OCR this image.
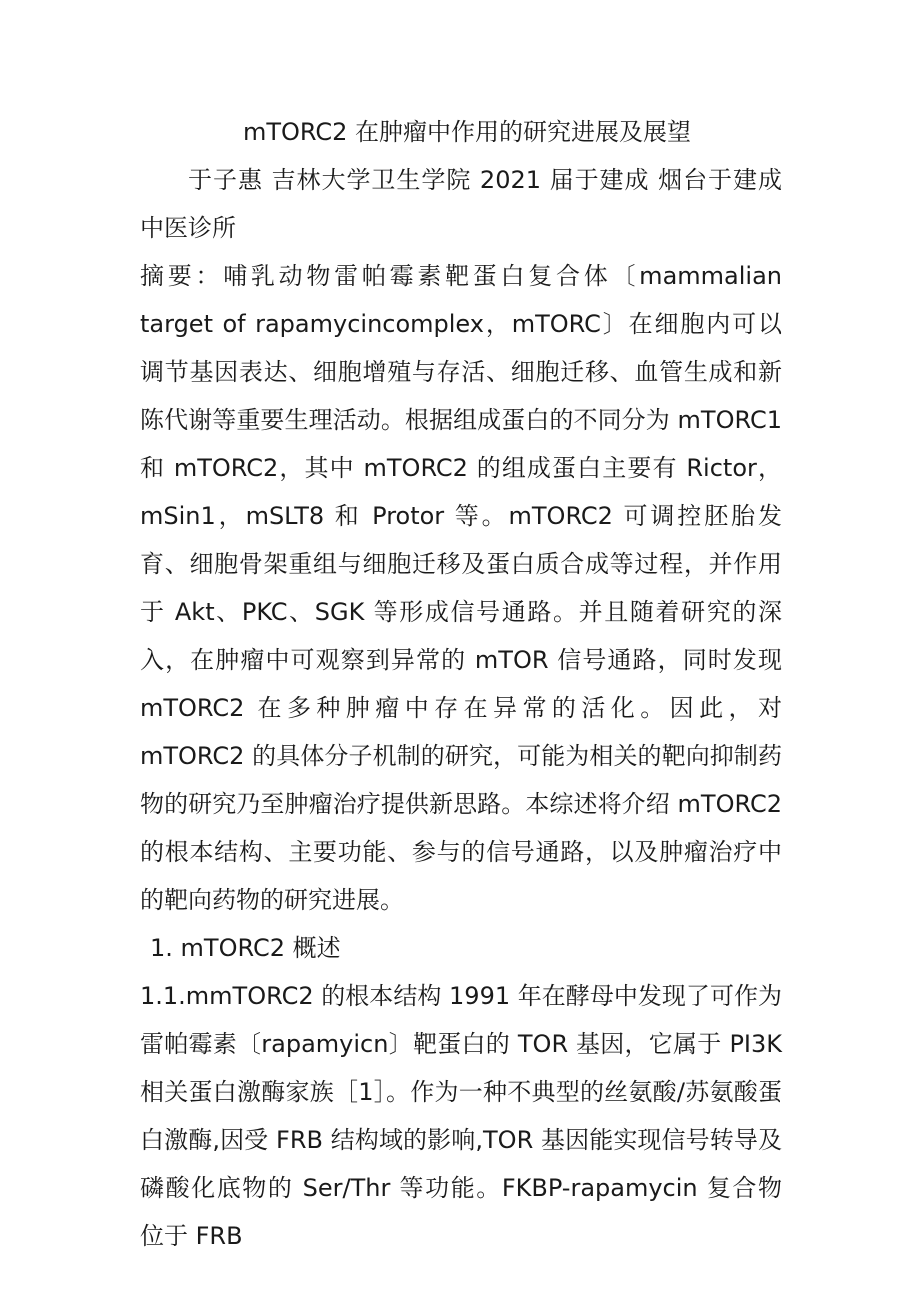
mTORC2 在肿瘤中作用的研究进展及展望

于子惠 吉林大学卫生学院 2021 届于建成 烟台于建成中医诊所

摘要：哺乳动物雷帕霉素靶蛋白复合体〔mammalian target of rapamycincomplex，mTORC〕在细胞内可以调节基因表达、细胞增殖与存活、细胞迁移、血管生成和新陈代谢等重要生理活动。根据组成蛋白的不同分为 mTORC1 和 mTORC2，其中 mTORC2 的组成蛋白主要有 Rictor，mSin1，mSLT8 和 Protor 等。mTORC2 可调控胚胎发育、细胞骨架重组与细胞迁移及蛋白质合成等过程，并作用于 Akt、PKC、SGK 等形成信号通路。并且随着研究的深入，在肿瘤中可观察到异常的 mTOR 信号通路，同时发现 mTORC2 在多种肿瘤中存在异常的活化。因此，对 mTORC2 的具体分子机制的研究，可能为相关的靶向抑制药物的研究乃至肿瘤治疗提供新思路。本综述将介绍 mTORC2 的根本结构、主要功能、参与的信号通路，以及肿瘤治疗中的靶向药物的研究进展。

1. mTORC2 概述

1.1.mmTORC2 的根本结构 1991 年在酵母中发现了可作为雷帕霉素〔rapamyicn〕靶蛋白的 TOR 基因，它属于 PI3K 相关蛋白激酶家族［1］。作为一种不典型的丝氨酸/苏氨酸蛋白激酶,因受 FRB 结构域的影响,TOR 基因能实现信号转导及磷酸化底物的 Ser/Thr 等功能。FKBP-rapamycin 复合物位于 FRB
